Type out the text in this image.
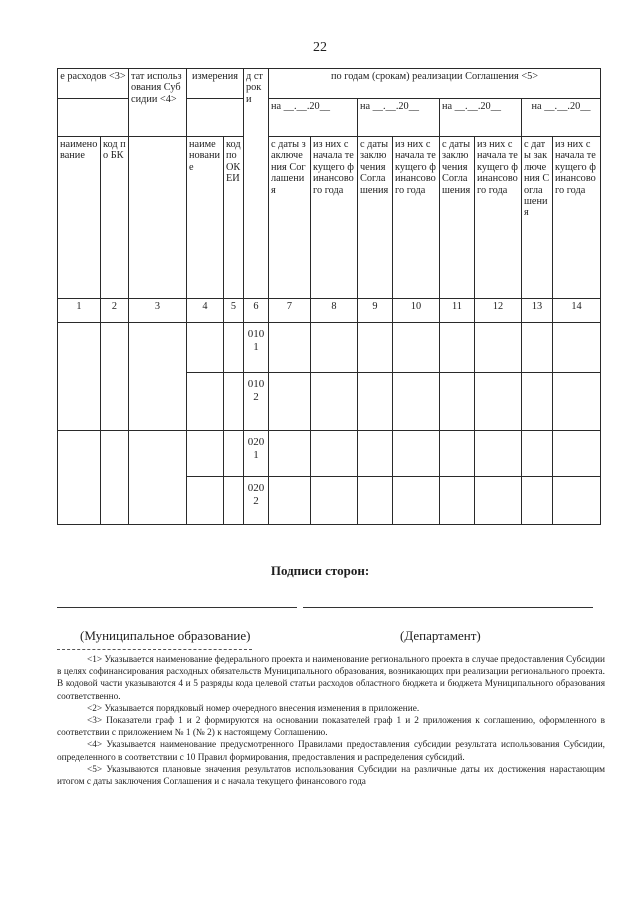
22
е расходов <3>		тат использования Субсидии <4>	измерения		д строки	по годам (срокам) реализации Соглашения <5>							
						на __.__.20__		на __.__.20__		на __.__.20__		на __.__.20__	
наименование	код по БК		наименование	код по ОКЕИ		с даты заключения Соглашения	из них с начала текущего финансового года	с даты заключения Соглашения	из них с начала текущего финансового года	с даты заключения Соглашения	из них с начала текущего финансового года	с даты заключения Соглашения	из них с начала текущего финансового года
1	2	3	4	5	6	7	8	9	10	11	12	13	14
					0101								
					0102								
					0201								
					0202								
Подписи сторон:
(Муниципальное образование)	(Департамент)

<1> Указывается наименование федерального проекта и наименование регионального проекта в случае предоставления Субсидии в целях софинансирования расходных обязательств Муниципального образования, возникающих при реализации регионального проекта. В кодовой части указываются 4 и 5 разряды кода целевой статьи расходов областного бюджета и бюджета Муниципального образования соответственно.

<2> Указывается порядковый номер очередного внесения изменения в приложение.

<3> Показатели граф 1 и 2 формируются на основании показателей граф 1 и 2 приложения к соглашению, оформленного в соответствии с приложением № 1 (№ 2) к настоящему Соглашению.

<4> Указывается наименование предусмотренного Правилами предоставления субсидии результата использования Субсидии, определенного в соответствии с 10 Правил формирования, предоставления и распределения субсидий.

<5> Указываются плановые значения результатов использования Субсидии на различные даты их достижения нарастающим итогом с даты заключения Соглашения и с начала текущего финансового года
